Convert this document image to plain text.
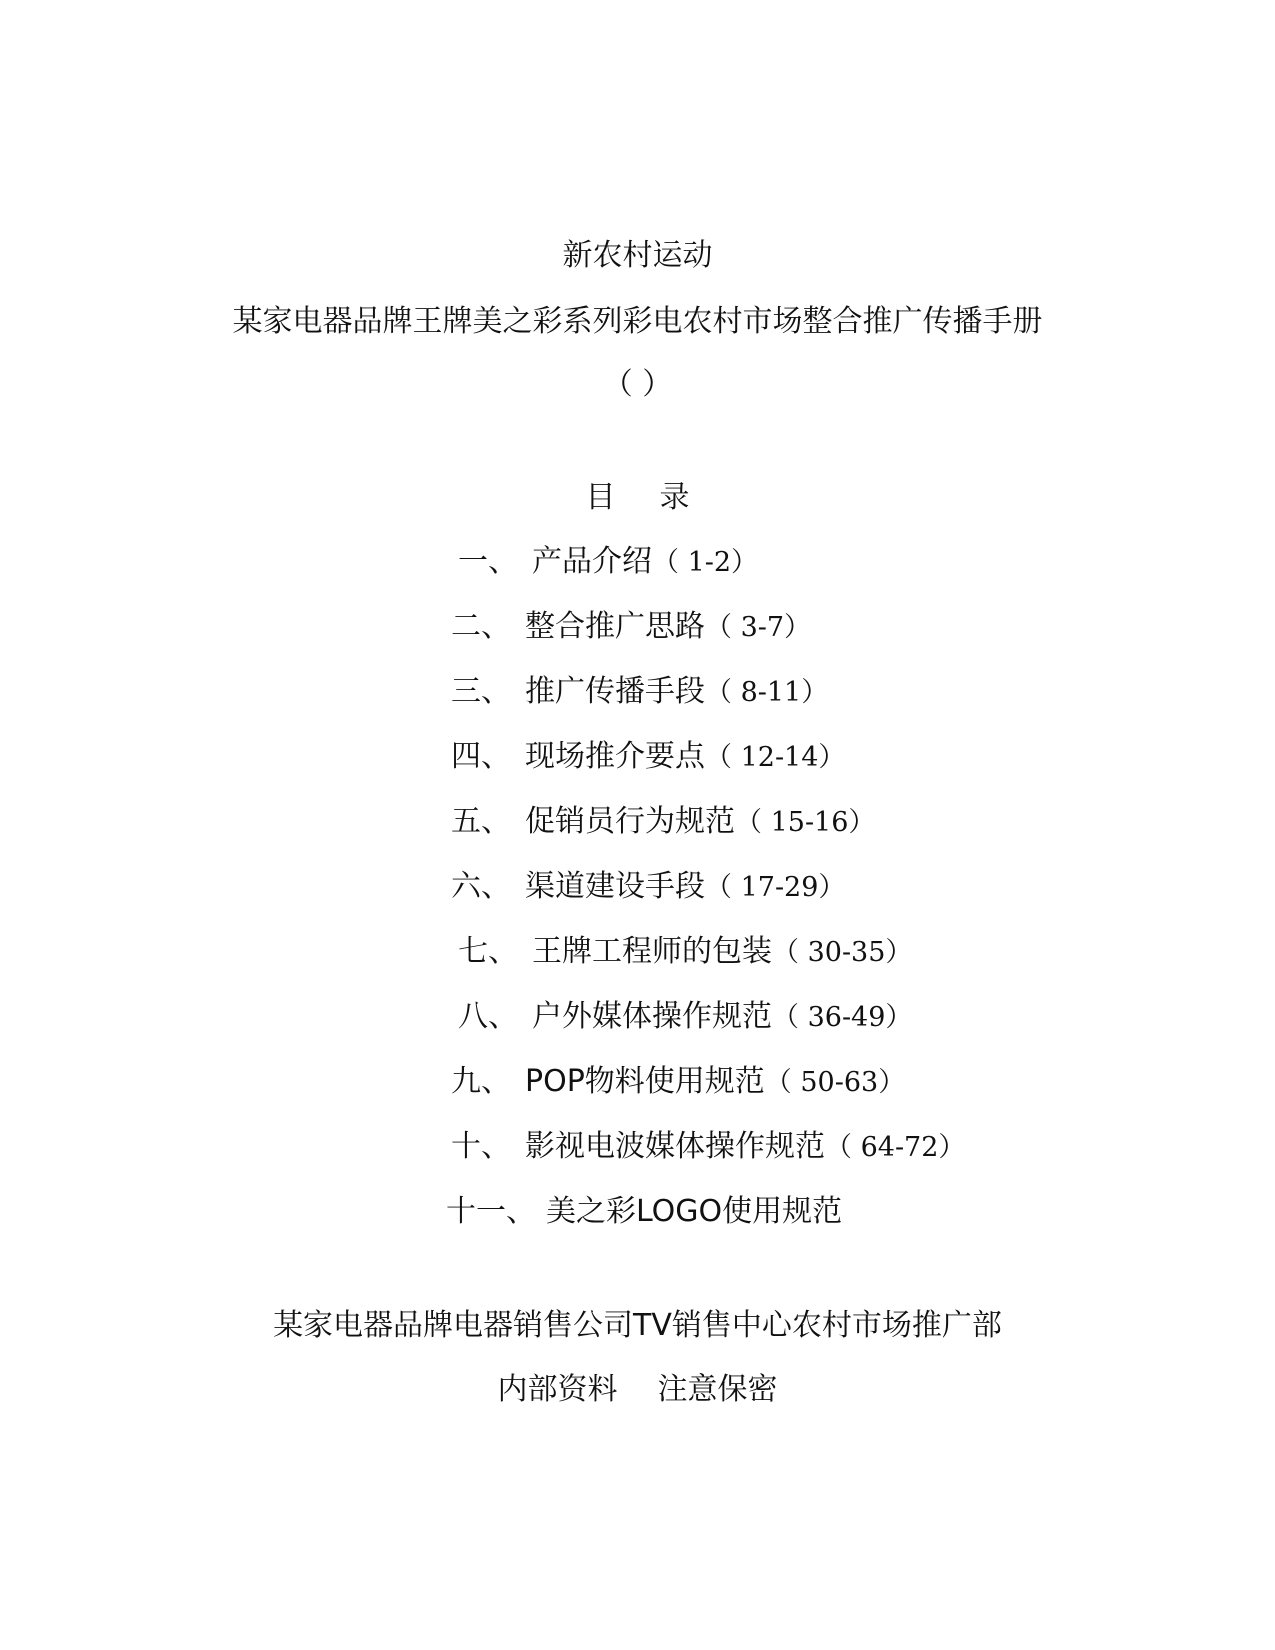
新农村运动
某家电器品牌王牌美之彩系列彩电农村市场整合推广传播手册
（ ）
目 录
一、 产品介绍（ 1-2）
二、 整合推广思路（ 3-7）
三、 推广传播手段（ 8-11）
四、 现场推介要点（ 12-14）
五、 促销员行为规范（ 15-16）
六、 渠道建设手段（ 17-29）
七、 王牌工程师的包装（ 30-35）
八、 户外媒体操作规范（ 36-49）
九、 POP物料使用规范（ 50-63）
十、 影视电波媒体操作规范（ 64-72）
十一、 美之彩LOGO使用规范
某家电器品牌电器销售公司TV销售中心农村市场推广部
内部资料 注意保密
